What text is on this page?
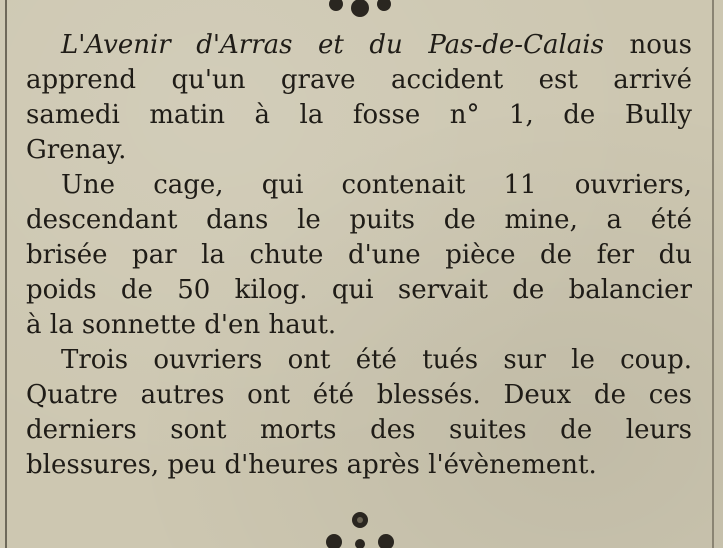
L'Avenir d'Arras et du Pas-de-Calais nous
apprend qu'un grave accident est arrivé
samedi matin à la fosse n° 1, de Bully
Grenay.
Une cage, qui contenait 11 ouvriers,
descendant dans le puits de mine, a été
brisée par la chute d'une pièce de fer du
poids de 50 kilog. qui servait de balancier
à la sonnette d'en haut.
Trois ouvriers ont été tués sur le coup.
Quatre autres ont été blessés. Deux de ces
derniers sont morts des suites de leurs
blessures, peu d'heures après l'évènement.
